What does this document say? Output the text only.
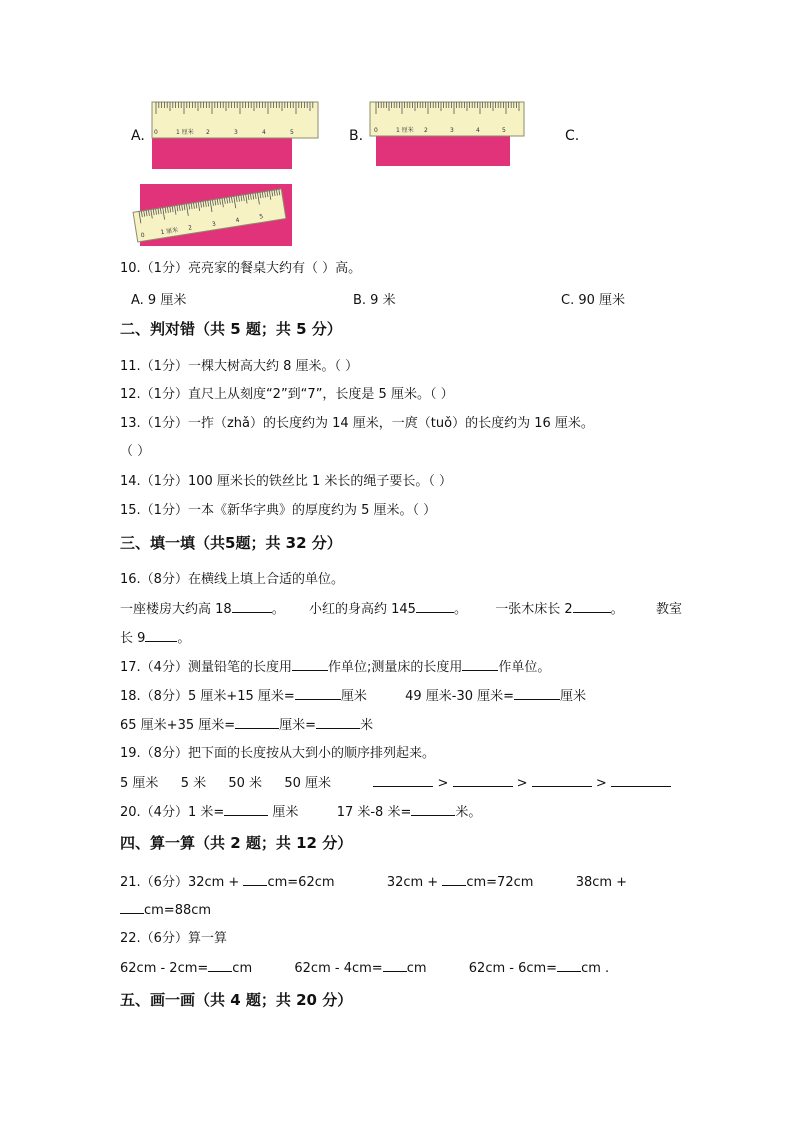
A. 0	1 厘米 2	3	4	5	B. 0	1 厘米 2	3	4	5	C.
0 1 厘米 2	3	4	5
10.（1分）亮亮家的餐桌大约有（ ）高。
A. 9 厘米	B. 9 米	C. 90 厘米
二、判对错（共 5 题；共 5 分）
11.（1分）一棵大树高大约 8 厘米。（ ）
12.（1分）直尺上从刻度“2”到“7”，长度是 5 厘米。（ ）
13.（1分）一拃（zhǎ）的长度约为 14 厘米，一庹（tuǒ）的长度约为 16 厘米。
（ ）
14.（1分）100 厘米长的铁丝比 1 米长的绳子要长。（ ）
15.（1分）一本《新华字典》的厚度约为 5 厘米。（ ）
三、填一填（共5题；共 32 分）
16.（8分）在横线上填上合适的单位。
一座楼房大约高 18	。 小红的身高约 145	。 一张木床长 2	。 教室
长 9 。
17.（4分）测量铅笔的长度用	作单位;测量床的长度用	作单位。
18.（8分）5 厘米+15 厘米=	厘米	49 厘米-30 厘米=	厘米
65 厘米+35 厘米=	厘米=	米
19.（8分）把下面的长度按从大到小的顺序排列起来。
5 厘米 5 米 50 米 50 厘米	>	>	>
20.（4分）1 米=	厘米	17 米-8 米=	米。
四、算一算（共 2 题；共 12 分）
21.（6分）32cm + cm=62cm	32cm + cm=72cm	38cm +
cm=88cm
22.（6分）算一算
62cm - 2cm= cm	62cm - 4cm= cm	62cm - 6cm= cm .
五、画一画（共 4 题；共 20 分）
